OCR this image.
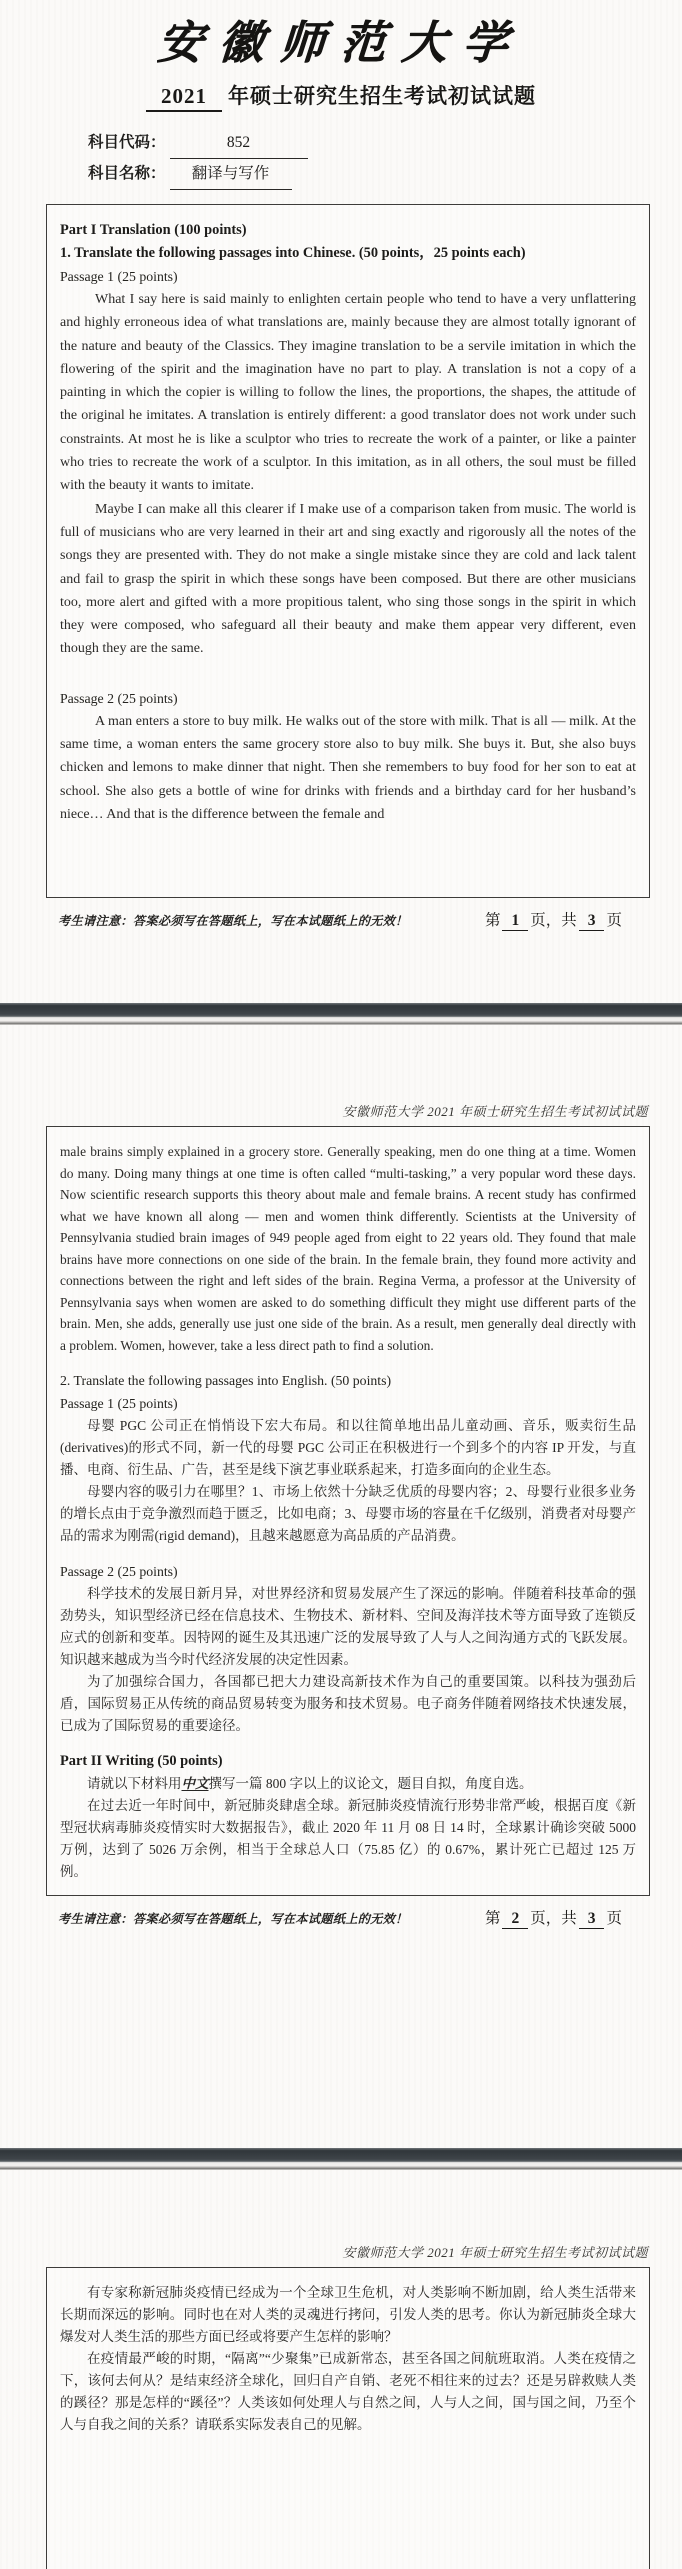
安徽师范大学
2021 年硕士研究生招生考试初试试题
科目代码：	852
科目名称： 翻译与写作

Part I Translation (100 points)

1. Translate the following passages into Chinese. (50 points，25 points each)

Passage 1 (25 points)

What I say here is said mainly to enlighten certain people who tend to have a very unflattering and highly erroneous idea of what translations are, mainly because they are almost totally ignorant of the nature and beauty of the Classics. They imagine translation to be a servile imitation in which the flowering of the spirit and the imagination have no part to play. A translation is not a copy of a painting in which the copier is willing to follow the lines, the proportions, the shapes, the attitude of the original he imitates. A translation is entirely different: a good translator does not work under such constraints. At most he is like a sculptor who tries to recreate the work of a painter, or like a painter who tries to recreate the work of a sculptor. In this imitation, as in all others, the soul must be filled with the beauty it wants to imitate.

Maybe I can make all this clearer if I make use of a comparison taken from music. The world is full of musicians who are very learned in their art and sing exactly and rigorously all the notes of the songs they are presented with. They do not make a single mistake since they are cold and lack talent and fail to grasp the spirit in which these songs have been composed. But there are other musicians too, more alert and gifted with a more propitious talent, who sing those songs in the spirit in which they were composed, who safeguard all their beauty and make them appear very different, even though they are the same.

Passage 2 (25 points)

A man enters a store to buy milk. He walks out of the store with milk. That is all — milk. At the same time, a woman enters the same grocery store also to buy milk. She buys it. But, she also buys chicken and lemons to make dinner that night. Then she remembers to buy food for her son to eat at school. She also gets a bottle of wine for drinks with friends and a birthday card for her husband’s niece… And that is the difference between the female and

考生请注意：答案必须写在答题纸上，写在本试题纸上的无效！	第 1 页，共 3 页
安徽师范大学 2021 年硕士研究生招生考试初试试题

male brains simply explained in a grocery store. Generally speaking, men do one thing at a time. Women do many. Doing many things at one time is often called “multi-tasking,” a very popular word these days. Now scientific research supports this theory about male and female brains. A recent study has confirmed what we have known all along — men and women think differently. Scientists at the University of Pennsylvania studied brain images of 949 people aged from eight to 22 years old. They found that male brains have more connections on one side of the brain. In the female brain, they found more activity and connections between the right and left sides of the brain. Regina Verma, a professor at the University of Pennsylvania says when women are asked to do something difficult they might use different parts of the brain. Men, she adds, generally use just one side of the brain. As a result, men generally deal directly with a problem. Women, however, take a less direct path to find a solution.

2. Translate the following passages into English. (50 points)

Passage 1 (25 points)

母婴 PGC 公司正在悄悄设下宏大布局。和以往简单地出品儿童动画、音乐，贩卖衍生品(derivatives)的形式不同，新一代的母婴 PGC 公司正在积极进行一个到多个的内容 IP 开发，与直播、电商、衍生品、广告，甚至是线下演艺事业联系起来，打造多面向的企业生态。

母婴内容的吸引力在哪里？1、市场上依然十分缺乏优质的母婴内容；2、母婴行业很多业务的增长点由于竞争激烈而趋于匮乏，比如电商；3、母婴市场的容量在千亿级别，消费者对母婴产品的需求为刚需(rigid demand)，且越来越愿意为高品质的产品消费。

Passage 2 (25 points)

科学技术的发展日新月异，对世界经济和贸易发展产生了深远的影响。伴随着科技革命的强劲势头，知识型经济已经在信息技术、生物技术、新材料、空间及海洋技术等方面导致了连锁反应式的创新和变革。因特网的诞生及其迅速广泛的发展导致了人与人之间沟通方式的飞跃发展。知识越来越成为当今时代经济发展的决定性因素。

为了加强综合国力，各国都已把大力建设高新技术作为自己的重要国策。以科技为强劲后盾，国际贸易正从传统的商品贸易转变为服务和技术贸易。电子商务伴随着网络技术快速发展，已成为了国际贸易的重要途径。

Part II Writing (50 points)

请就以下材料用中文撰写一篇 800 字以上的议论文，题目自拟，角度自选。

在过去近一年时间中，新冠肺炎肆虐全球。新冠肺炎疫情流行形势非常严峻，根据百度《新型冠状病毒肺炎疫情实时大数据报告》，截止 2020 年 11 月 08 日 14 时，全球累计确诊突破 5000 万例，达到了 5026 万余例，相当于全球总人口（75.85 亿）的 0.67%，累计死亡已超过 125 万例。

考生请注意：答案必须写在答题纸上，写在本试题纸上的无效！	第 2 页，共 3 页
安徽师范大学 2021 年硕士研究生招生考试初试试题

有专家称新冠肺炎疫情已经成为一个全球卫生危机，对人类影响不断加剧，给人类生活带来长期而深远的影响。同时也在对人类的灵魂进行拷问，引发人类的思考。你认为新冠肺炎全球大爆发对人类生活的那些方面已经或将要产生怎样的影响？

在疫情最严峻的时期，“隔离”“少聚集”已成新常态，甚至各国之间航班取消。人类在疫情之下，该何去何从？是结束经济全球化，回归自产自销、老死不相往来的过去？还是另辟救赎人类的蹊径？那是怎样的“蹊径”？人类该如何处理人与自然之间，人与人之间，国与国之间，乃至个人与自我之间的关系？请联系实际发表自己的见解。
